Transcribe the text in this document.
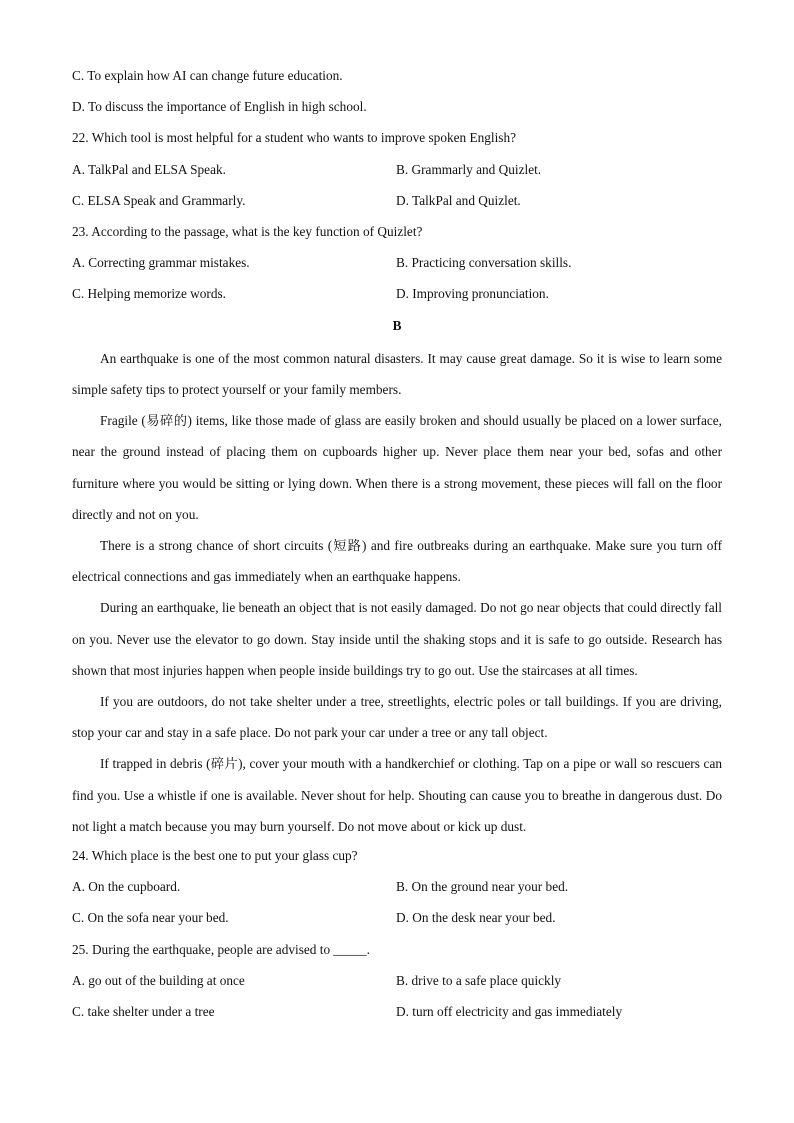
C. To explain how AI can change future education.
D. To discuss the importance of English in high school.
22. Which tool is most helpful for a student who wants to improve spoken English?
A. TalkPal and ELSA Speak.	B. Grammarly and Quizlet.
C. ELSA Speak and Grammarly.	D. TalkPal and Quizlet.
23. According to the passage, what is the key function of Quizlet?
A. Correcting grammar mistakes.	B. Practicing conversation skills.
C. Helping memorize words.	D. Improving pronunciation.
B
An earthquake is one of the most common natural disasters. It may cause great damage. So it is wise to learn some simple safety tips to protect yourself or your family members.
Fragile (易碎的) items, like those made of glass are easily broken and should usually be placed on a lower surface, near the ground instead of placing them on cupboards higher up. Never place them near your bed, sofas and other furniture where you would be sitting or lying down. When there is a strong movement, these pieces will fall on the floor directly and not on you.
There is a strong chance of short circuits (短路) and fire outbreaks during an earthquake. Make sure you turn off electrical connections and gas immediately when an earthquake happens.
During an earthquake, lie beneath an object that is not easily damaged. Do not go near objects that could directly fall on you. Never use the elevator to go down. Stay inside until the shaking stops and it is safe to go outside. Research has shown that most injuries happen when people inside buildings try to go out. Use the staircases at all times.
If you are outdoors, do not take shelter under a tree, streetlights, electric poles or tall buildings. If you are driving, stop your car and stay in a safe place. Do not park your car under a tree or any tall object.
If trapped in debris (碎片), cover your mouth with a handkerchief or clothing. Tap on a pipe or wall so rescuers can find you. Use a whistle if one is available. Never shout for help. Shouting can cause you to breathe in dangerous dust. Do not light a match because you may burn yourself. Do not move about or kick up dust.
24. Which place is the best one to put your glass cup?
A. On the cupboard.	B. On the ground near your bed.
C. On the sofa near your bed.	D. On the desk near your bed.
25. During the earthquake, people are advised to _____.
A. go out of the building at once	B. drive to a safe place quickly
C. take shelter under a tree	D. turn off electricity and gas immediately
